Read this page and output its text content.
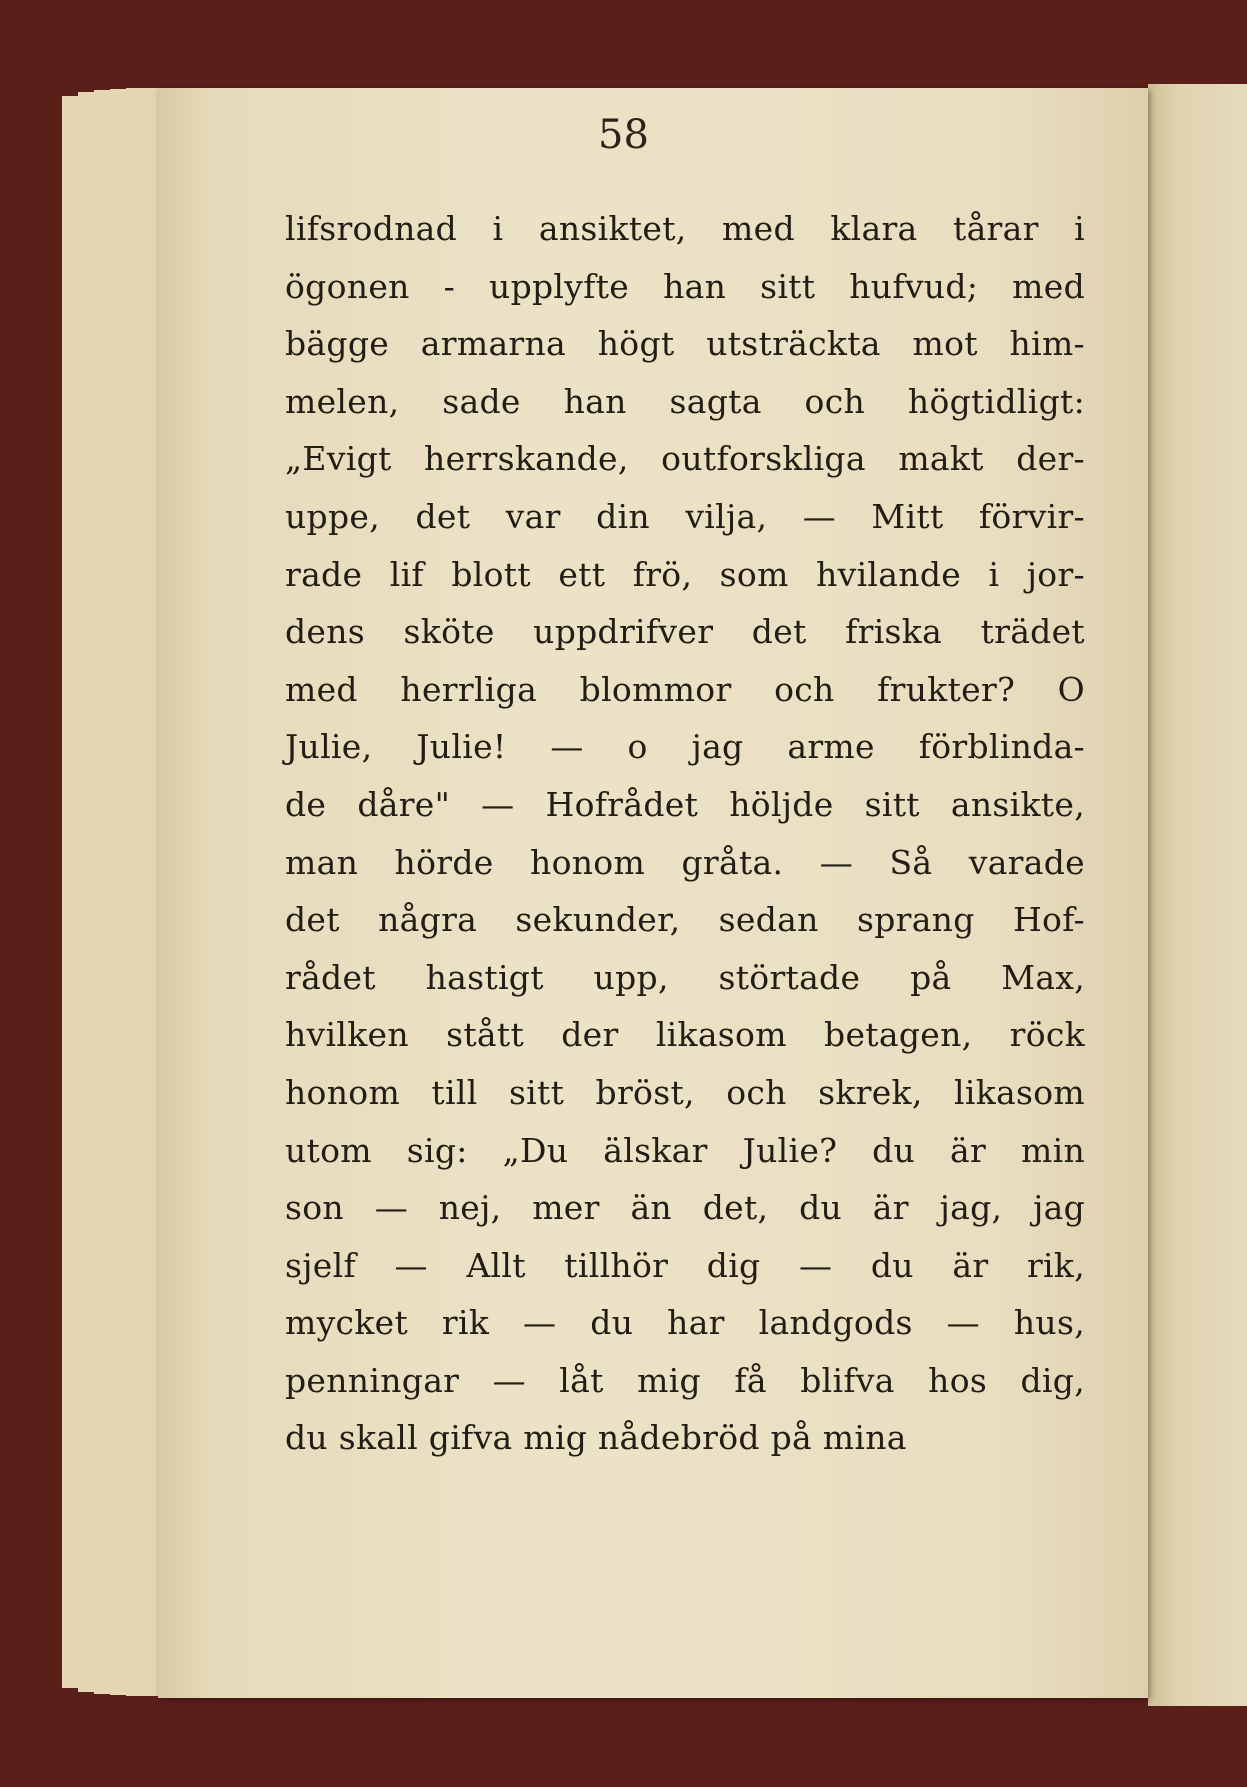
58
lifsrodnad i ansiktet, med klara tårar i
ögonen - upplyfte han sitt hufvud; med
bägge armarna högt utsträckta mot him-
melen, sade han sagta och högtidligt:
„Evigt herrskande, outforskliga makt der-
uppe, det var din vilja, — Mitt förvir-
rade lif blott ett frö, som hvilande i jor-
dens sköte uppdrifver det friska trädet
med herrliga blommor och frukter? O
Julie, Julie! — o jag arme förblinda-
de dåre" — Hofrådet höljde sitt ansikte,
man hörde honom gråta. — Så varade
det några sekunder, sedan sprang Hof-
rådet hastigt upp, störtade på Max,
hvilken stått der likasom betagen, röck
honom till sitt bröst, och skrek, likasom
utom sig: „Du älskar Julie? du är min
son — nej, mer än det, du är jag, jag
sjelf — Allt tillhör dig — du är rik,
mycket rik — du har landgods — hus,
penningar — låt mig få blifva hos dig,
du skall gifva mig nådebröd på mina
